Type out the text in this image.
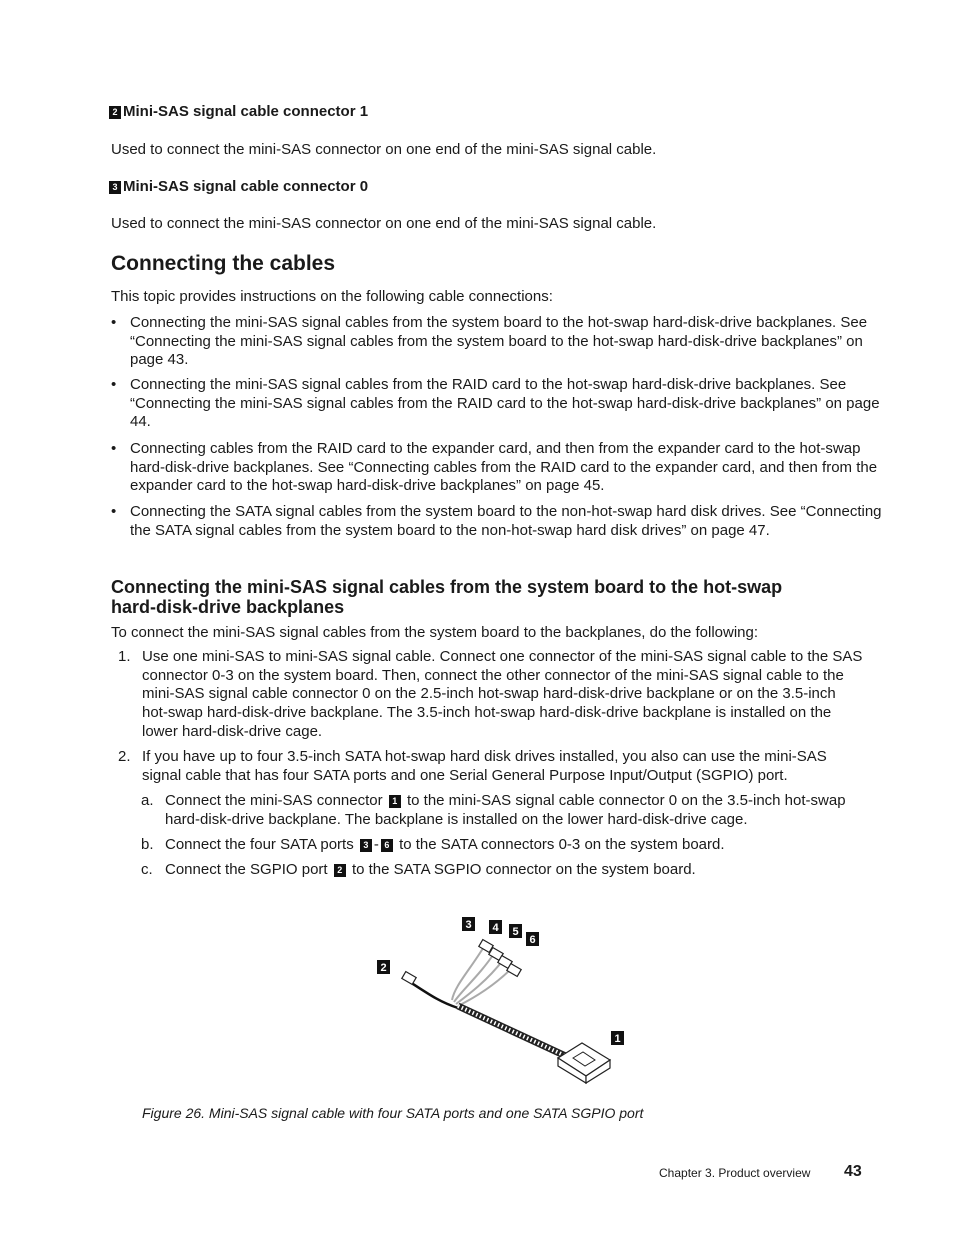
2 Mini-SAS signal cable connector 1
Used to connect the mini-SAS connector on one end of the mini-SAS signal cable.
3 Mini-SAS signal cable connector 0
Used to connect the mini-SAS connector on one end of the mini-SAS signal cable.
Connecting the cables
This topic provides instructions on the following cable connections:
• Connecting the mini-SAS signal cables from the system board to the hot-swap hard-disk-drive backplanes. See “Connecting the mini-SAS signal cables from the system board to the hot-swap hard-disk-drive backplanes” on page 43.
• Connecting the mini-SAS signal cables from the RAID card to the hot-swap hard-disk-drive backplanes. See “Connecting the mini-SAS signal cables from the RAID card to the hot-swap hard-disk-drive backplanes” on page 44.
• Connecting cables from the RAID card to the expander card, and then from the expander card to the hot-swap hard-disk-drive backplanes. See “Connecting cables from the RAID card to the expander card, and then from the expander card to the hot-swap hard-disk-drive backplanes” on page 45.
• Connecting the SATA signal cables from the system board to the non-hot-swap hard disk drives. See “Connecting the SATA signal cables from the system board to the non-hot-swap hard disk drives” on page 47.
Connecting the mini-SAS signal cables from the system board to the hot-swap
hard-disk-drive backplanes
To connect the mini-SAS signal cables from the system board to the backplanes, do the following:
1. Use one mini-SAS to mini-SAS signal cable. Connect one connector of the mini-SAS signal cable to the SAS connector 0-3 on the system board. Then, connect the other connector of the mini-SAS signal cable to the mini-SAS signal cable connector 0 on the 2.5-inch hot-swap hard-disk-drive backplane or on the 3.5-inch hot-swap hard-disk-drive backplane. The 3.5-inch hot-swap hard-disk-drive backplane is installed on the lower hard-disk-drive cage.
2. If you have up to four 3.5-inch SATA hot-swap hard disk drives installed, you also can use the mini-SAS signal cable that has four SATA ports and one Serial General Purpose Input/Output (SGPIO) port.
a. Connect the mini-SAS connector 1 to the mini-SAS signal cable connector 0 on the 3.5-inch hot-swap hard-disk-drive backplane. The backplane is installed on the lower hard-disk-drive cage.
b. Connect the four SATA ports 3 - 6 to the SATA connectors 0-3 on the system board.
c. Connect the SGPIO port 2 to the SATA SGPIO connector on the system board.
3 4 5
6
2
1
Figure 26. Mini-SAS signal cable with four SATA ports and one SATA SGPIO port
Chapter 3. Product overview 43
